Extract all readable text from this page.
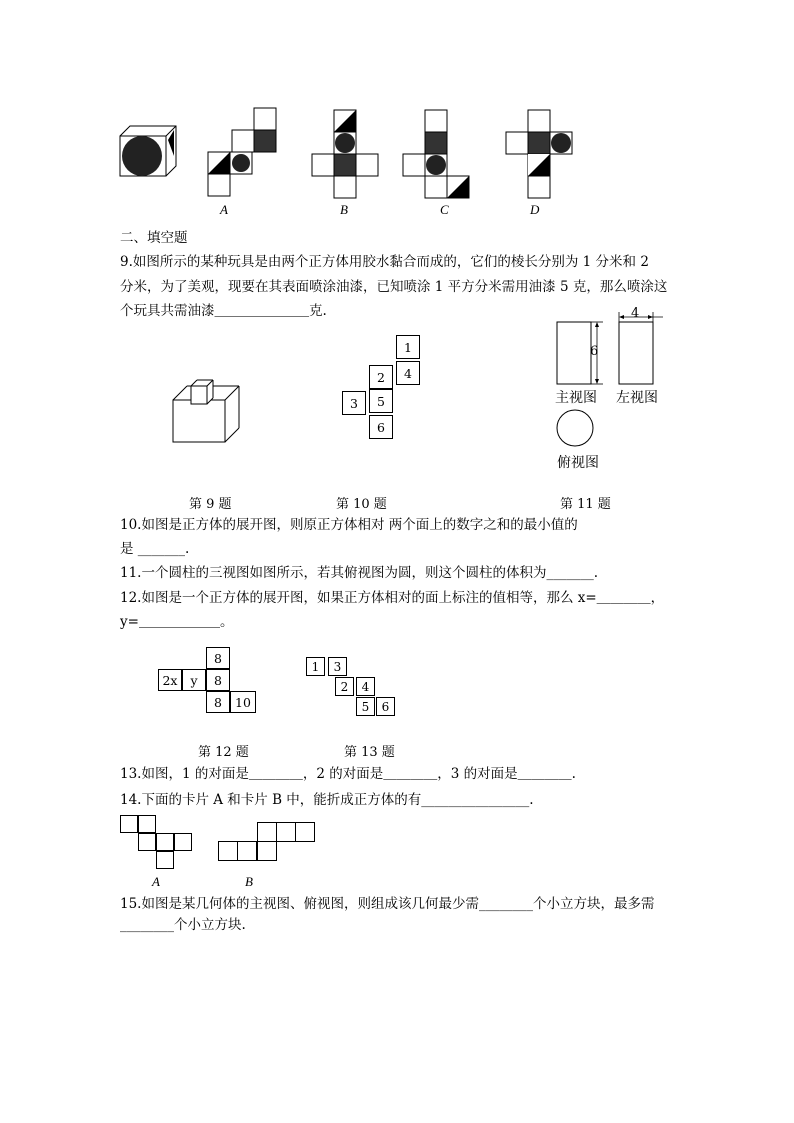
A	B	C	D
二、填空题
9.如图所示的某种玩具是由两个正方体用胶水黏合而成的，它们的棱长分别为 1 分米和 2
分米，为了美观，现要在其表面喷涂油漆，已知喷涂 1 平方分米需用油漆 5 克，那么喷涂这
个玩具共需油漆＿＿＿＿＿＿＿克.
1
2	4
3	5
6
6
4
主视图 左视图
俯视图
第 9 题	第 10 题	第 11 题
10.如图是正方体的展开图，则原正方体相对 两个面上的数字之和的最小值的
是 _______.
11.一个圆柱的三视图如图所示，若其俯视图为圆，则这个圆柱的体积为_______.
12.如图是一个正方体的展开图，如果正方体相对的面上标注的值相等，那么 x=＿＿＿＿，
y=＿＿＿＿＿＿。
8
2x	y	8
8	10
1	3
2	4
5	6
第 12 题	第 13 题
13.如图，1 的对面是＿＿＿＿，2 的对面是＿＿＿＿，3 的对面是＿＿＿＿.
14.下面的卡片 A 和卡片 B 中，能折成正方体的有________________.
A	B
15.如图是某几何体的主视图、俯视图，则组成该几何最少需________个小立方块，最多需
________个小立方块.
